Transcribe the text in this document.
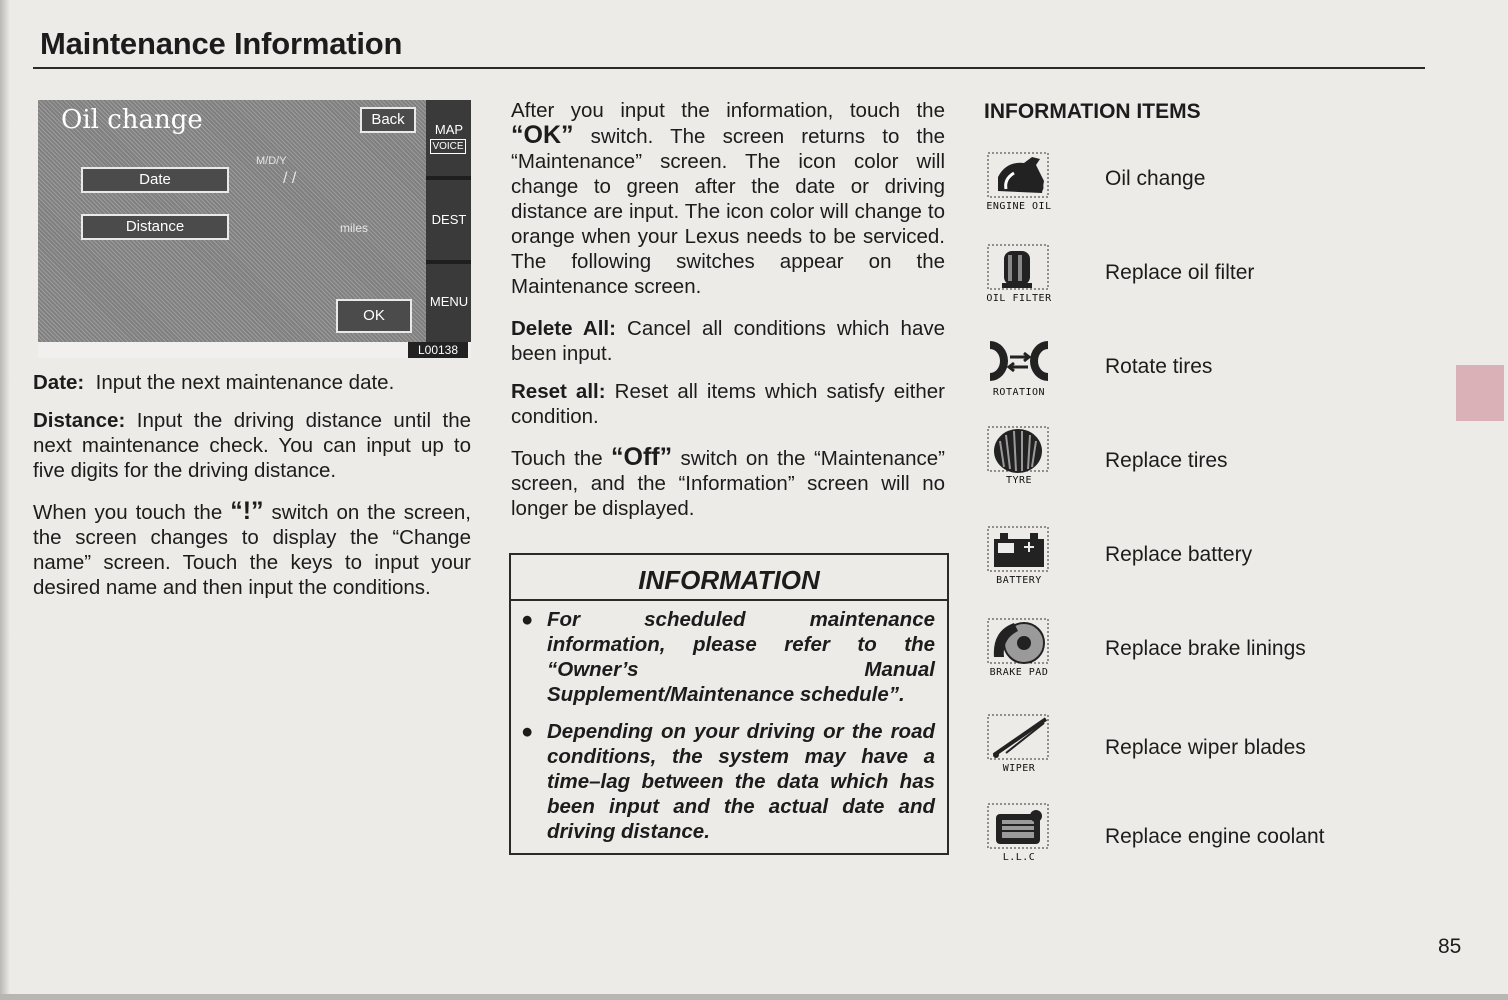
Maintenance Information
85
Oil change	Back
M/D/Y
/ /
Date
Distance	miles
OK
MAP
VOICE
DEST
MENU
L00138

Date: Input the next maintenance date.

Distance: Input the driving distance until the next maintenance check. You can input up to five digits for the driving distance.

When you touch the “!” switch on the screen, the screen changes to display the “Change name” screen. Touch the keys to input your desired name and then input the conditions.

After you input the information, touch the “OK” switch. The screen returns to the “Maintenance” screen. The icon color will change to green after the date or driving distance are input. The icon color will change to orange when your Lexus needs to be serviced. The following switches appear on the Maintenance screen.

Delete All: Cancel all conditions which have been input.

Reset all: Reset all items which satisfy either condition.

Touch the “Off” switch on the “Maintenance” screen, and the “Information” screen will no longer be displayed.

INFORMATION
● For scheduled maintenance information, please refer to the “Owner’s Manual Supplement/Maintenance schedule”.
● Depending on your driving or the road conditions, the system may have a time–lag between the data which has been input and the actual date and driving distance.
INFORMATION ITEMS
ENGINE OIL
Oil change
OIL FILTER
Replace oil filter
ROTATION
Rotate tires
TYRE
Replace tires
BATTERY
Replace battery
BRAKE PAD
Replace brake linings
WIPER
Replace wiper blades
L.L.C
Replace engine coolant
